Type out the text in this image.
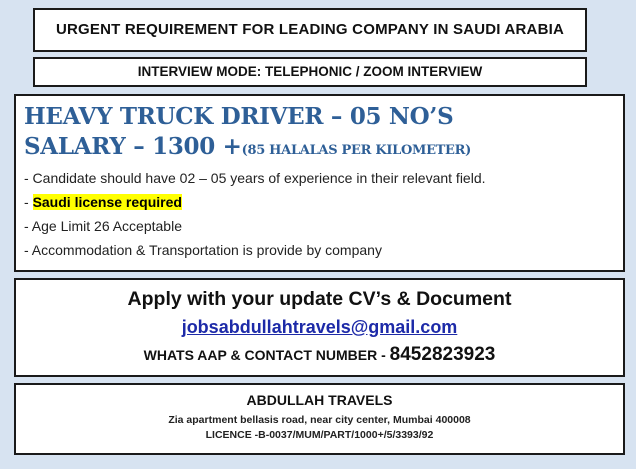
URGENT REQUIREMENT FOR LEADING COMPANY IN SAUDI ARABIA
INTERVIEW MODE: TELEPHONIC / ZOOM INTERVIEW
HEAVY TRUCK DRIVER – 05 NO’S
SALARY – 1300 +(85 HALALAS PER KILOMETER)
- Candidate should have 02 – 05 years of experience in their relevant field.
- Saudi license required
- Age Limit 26 Acceptable
- Accommodation & Transportation is provide by company
Apply with your update CV’s & Document
jobsabdullahtravels@gmail.com
WHATS AAP & CONTACT NUMBER - 8452823923
ABDULLAH TRAVELS
Zia apartment bellasis road, near city center, Mumbai 400008
LICENCE -B-0037/MUM/PART/1000+/5/3393/92
